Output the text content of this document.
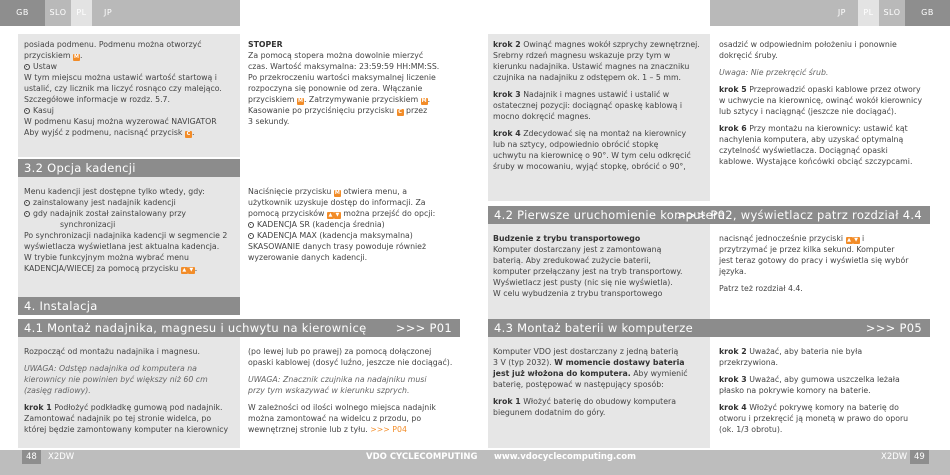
GB	SLO	PL	JP	JP	PL	SLO	GB

posiada podmenu. Podmenu można otworzyć

przyciskiem M.

Ustaw

W tym miejscu można ustawić wartość startową i

ustalić, czy licznik ma liczyć rosnąco czy malejąco.

Szczegółowe informacje w rozdz. 5.7.

Kasuj

W podmenu Kasuj można wyzerować NAVIGATOR

Aby wyjść z podmenu, nacisnąć przycisk C .

STOPER

Za pomocą stopera można dowolnie mierzyć

czas. Wartość maksymalna: 23:59:59 HH:MM:SS.

Po przekroczeniu wartości maksymalnej liczenie

rozpoczyna się ponownie od zera. Włączanie

przyciskiem M. Zatrzymywanie przyciskiem M.

Kasowanie po przyciśnięciu przycisku C przez

3 sekundy.

3.2 Opcja kadencji

Menu kadencji jest dostępne tylko wtedy, gdy:

zainstalowany jest nadajnik kadencji

gdy nadajnik został zainstalowany przy

synchronizacji

Po synchronizacji nadajnika kadencji w segmencie 2

wyświetlacza wyświetlana jest aktualna kadencja.

W trybie funkcyjnym można wybrać menu

KADENCJA/WIECEJ za pomocą przycisku ▲ ▼ .

Naciśnięcie przycisku M otwiera menu, a

użytkownik uzyskuje dostęp do informacji. Za

pomocą przycisków ▲ ▼ można przejść do opcji:

KADENCJA SR (kadencja średnia)

KADENCJA MAX (kadencja maksymalna)

SKASOWANIE danych trasy powoduje również

wyzerowanie danych kadencji.

4. Instalacja
4.1 Montaż nadajnika, magnesu i uchwytu na kierownicę	>>> P01

Rozpocząć od montażu nadajnika i magnesu.

UWAGA: Odstęp nadajnika od komputera na

kierownicy nie powinien być większy niż 60 cm

(zasięg radiowy).

krok 1 Podłożyć podkładkę gumową pod nadajnik.

Zamontować nadajnik po tej stronie widelca, po

której będzie zamontowany komputer na kierownicy

(po lewej lub po prawej) za pomocą dołączonej

opaski kablowej (dosyć luźno, jeszcze nie dociągać).

UWAGA: Znacznik czujnika na nadajniku musi

przy tym wskazywać w kierunku szprych.

W zależności od ilości wolnego miejsca nadajnik

można zamontować na widelcu z przodu, po

wewnętrznej stronie lub z tyłu. >>> P04

krok 2 Owinąć magnes wokół szprychy zewnętrznej.

Srebrny rdzeń magnesu wskazuje przy tym w

kierunku nadajnika. Ustawić magnes na znaczniku

czujnika na nadajniku z odstępem ok. 1 – 5 mm.

krok 3 Nadajnik i magnes ustawić i ustalić w

ostatecznej pozycji: dociągnąć opaskę kablową i

mocno dokręcić magnes.

krok 4 Zdecydować się na montaż na kierownicy

lub na sztycy, odpowiednio obrócić stopkę

uchwytu na kierownicę o 90°. W tym celu odkręcić

śruby w mocowaniu, wyjąć stopkę, obrócić o 90°,

osadzić w odpowiednim położeniu i ponownie

dokręcić śruby.

Uwaga: Nie przekręcić śrub.

krok 5 Przeprowadzić opaski kablowe przez otwory

w uchwycie na kierownicę, owinąć wokół kierownicy

lub sztycy i naciągnąć (jeszcze nie dociągać).

krok 6 Przy montażu na kierownicy: ustawić kąt

nachylenia komputera, aby uzyskać optymalną

czytelność wyświetlacza. Dociągnąć opaski

kablowe. Wystające końcówki obciąć szczypcami.

4.2 Pierwsze uruchomienie komputera
>>> P02, wyświetlacz patrz rozdział 4.4

Budzenie z trybu transportowego

Komputer dostarczany jest z zamontowaną

baterią. Aby zredukować zużycie baterii,

komputer przełączany jest na tryb transportowy.

Wyświetlacz jest pusty (nic się nie wyświetla).

W celu wybudzenia z trybu transportowego

nacisnąć jednocześnie przyciski ▲ ▼ i

przytrzymać je przez kilka sekund. Komputer

jest teraz gotowy do pracy i wyświetla się wybór

języka.

Patrz też rozdział 4.4.

4.3 Montaż baterii w komputerze	>>> P05

Komputer VDO jest dostarczany z jedną baterią

3 V (typ 2032). W momencie dostawy bateria

jest już włożona do komputera. Aby wymienić

baterię, postępować w następujący sposób:

krok 1 Włożyć baterię do obudowy komputera

biegunem dodatnim do góry.

krok 2 Uważać, aby bateria nie była

przekrzywiona.

krok 3 Uważać, aby gumowa uszczelka leżała

płasko na pokrywie komory na baterie.

krok 4 Włożyć pokrywę komory na baterię do

otworu i przekręcić ją monetą w prawo do oporu

(ok. 1/3 obrotu).

48	X2DW	VDO CYCLECOMPUTING www.vdocyclecomputing.com	X2DW 49
